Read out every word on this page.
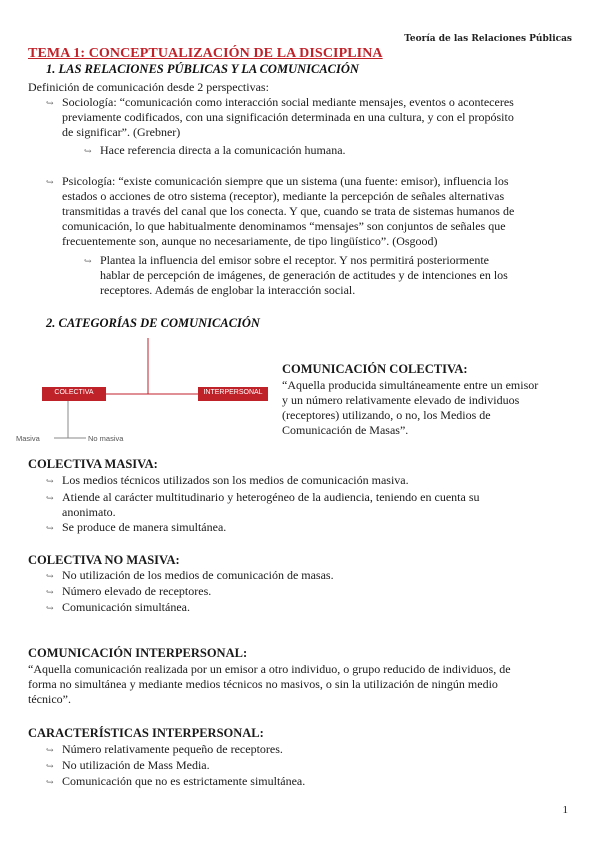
Teoría de las Relaciones Públicas
TEMA 1: CONCEPTUALIZACIÓN DE LA DISCIPLINA
1. LAS RELACIONES PÚBLICAS Y LA COMUNICACIÓN
Definición de comunicación desde 2 perspectivas:
↪ Sociología: “comunicación como interacción social mediante mensajes, eventos o aconteceres
previamente codificados, con una significación determinada en una cultura, y con el propósito
de significar”. (Grebner)
↪ Hace referencia directa a la comunicación humana.
↪ Psicología: “existe comunicación siempre que un sistema (una fuente: emisor), influencia los
estados o acciones de otro sistema (receptor), mediante la percepción de señales alternativas
transmitidas a través del canal que los conecta. Y que, cuando se trata de sistemas humanos de
comunicación, lo que habitualmente denominamos “mensajes” son conjuntos de señales que
frecuentemente son, aunque no necesariamente, de tipo lingüístico”. (Osgood)
↪ Plantea la influencia del emisor sobre el receptor. Y nos permitirá posteriormente
hablar de percepción de imágenes, de generación de actitudes y de intenciones en los
receptores. Además de englobar la interacción social.
2. CATEGORÍAS DE COMUNICACIÓN
COLECTIVA	INTERPERSONAL
Masiva	No masiva
COMUNICACIÓN COLECTIVA:
“Aquella producida simultáneamente entre un emisor
y un número relativamente elevado de individuos
(receptores) utilizando, o no, los Medios de
Comunicación de Masas”.
COLECTIVA MASIVA:
↪ Los medios técnicos utilizados son los medios de comunicación masiva.
↪ Atiende al carácter multitudinario y heterogéneo de la audiencia, teniendo en cuenta su
anonimato.
↪ Se produce de manera simultánea.
COLECTIVA NO MASIVA:
↪ No utilización de los medios de comunicación de masas.
↪ Número elevado de receptores.
↪ Comunicación simultánea.
COMUNICACIÓN INTERPERSONAL:
“Aquella comunicación realizada por un emisor a otro individuo, o grupo reducido de individuos, de
forma no simultánea y mediante medios técnicos no masivos, o sin la utilización de ningún medio
técnico”.
CARACTERÍSTICAS INTERPERSONAL:
↪ Número relativamente pequeño de receptores.
↪ No utilización de Mass Media.
↪ Comunicación que no es estrictamente simultánea.
1
